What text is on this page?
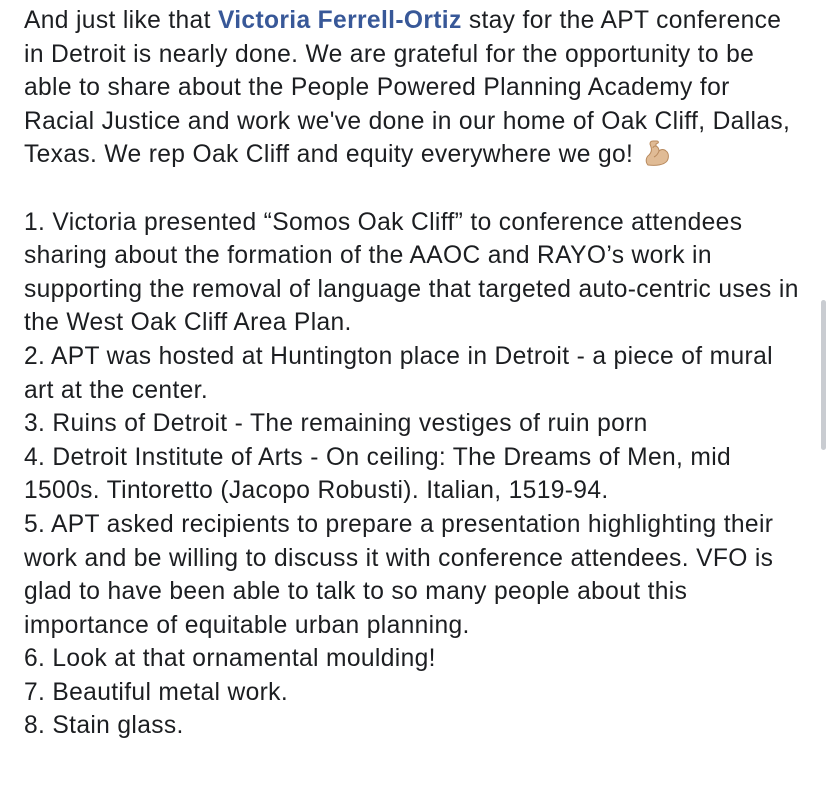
And just like that Victoria Ferrell-Ortiz stay for the APT conference in Detroit is nearly done. We are grateful for the opportunity to be able to share about the People Powered Planning Academy for Racial Justice and work we've done in our home of Oak Cliff, Dallas, Texas. We rep Oak Cliff and equity everywhere we go!

1. Victoria presented “Somos Oak Cliff” to conference attendees sharing about the formation of the AAOC and RAYO’s work in supporting the removal of language that targeted auto-centric uses in the West Oak Cliff Area Plan.
2. APT was hosted at Huntington place in Detroit - a piece of mural art at the center.
3. Ruins of Detroit - The remaining vestiges of ruin porn
4. Detroit Institute of Arts - On ceiling: The Dreams of Men, mid 1500s. Tintoretto (Jacopo Robusti). Italian, 1519-94.
5. APT asked recipients to prepare a presentation highlighting their work and be willing to discuss it with conference attendees. VFO is glad to have been able to talk to so many people about this importance of equitable urban planning.
6. Look at that ornamental moulding!
7. Beautiful metal work.
8. Stain glass.
